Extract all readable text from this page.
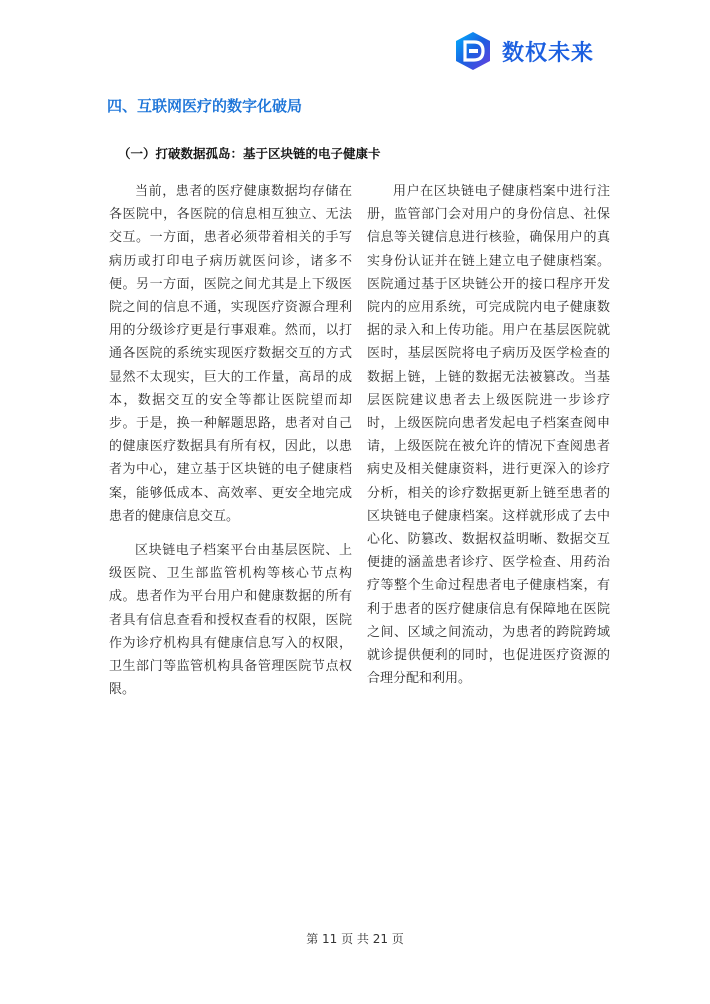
数权未来
四、互联网医疗的数字化破局
（一）打破数据孤岛：基于区块链的电子健康卡

当前，患者的医疗健康数据均存储在各医院中，各医院的信息相互独立、无法交互。一方面，患者必须带着相关的手写病历或打印电子病历就医问诊，诸多不便。另一方面，医院之间尤其是上下级医院之间的信息不通，实现医疗资源合理利用的分级诊疗更是行事艰难。然而，以打通各医院的系统实现医疗数据交互的方式显然不太现实，巨大的工作量，高昂的成本，数据交互的安全等都让医院望而却步。于是，换一种解题思路，患者对自己的健康医疗数据具有所有权，因此，以患者为中心，建立基于区块链的电子健康档案，能够低成本、高效率、更安全地完成患者的健康信息交互。

区块链电子档案平台由基层医院、上级医院、卫生部监管机构等核心节点构成。患者作为平台用户和健康数据的所有者具有信息查看和授权查看的权限，医院作为诊疗机构具有健康信息写入的权限，卫生部门等监管机构具备管理医院节点权限。

用户在区块链电子健康档案中进行注册，监管部门会对用户的身份信息、社保信息等关键信息进行核验，确保用户的真实身份认证并在链上建立电子健康档案。医院通过基于区块链公开的接口程序开发院内的应用系统，可完成院内电子健康数据的录入和上传功能。用户在基层医院就医时，基层医院将电子病历及医学检查的数据上链，上链的数据无法被篡改。当基层医院建议患者去上级医院进一步诊疗时，上级医院向患者发起电子档案查阅申请，上级医院在被允许的情况下查阅患者病史及相关健康资料，进行更深入的诊疗分析，相关的诊疗数据更新上链至患者的区块链电子健康档案。这样就形成了去中心化、防篡改、数据权益明晰、数据交互便捷的涵盖患者诊疗、医学检查、用药治疗等整个生命过程患者电子健康档案，有利于患者的医疗健康信息有保障地在医院之间、区域之间流动，为患者的跨院跨域就诊提供便利的同时，也促进医疗资源的合理分配和利用。

第 11 页 共 21 页
